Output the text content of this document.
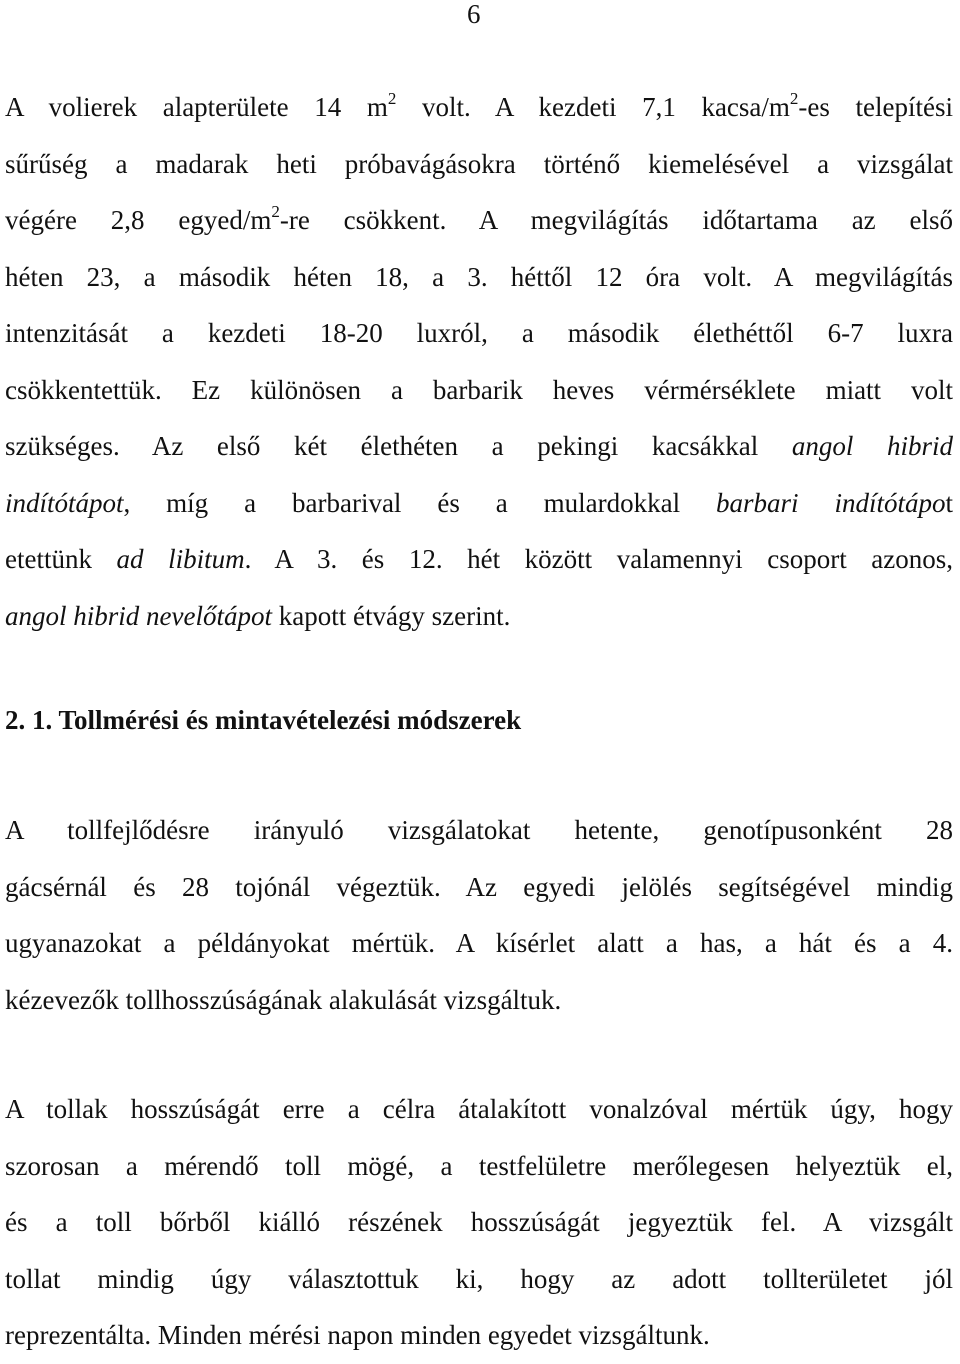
6
A volierek alapterülete 14 $m^2$ volt. A kezdeti 7,1 kacsa/$m^2-es$ telepítési
sűrűség a madarak heti próbavágásokra történő kiemelésével a vizsgálat
végére 2,8 egyed/$m^2-re$ csökkent. A megvilágítás időtartama az első
héten 23, a második héten 18, a 3. héttől 12 óra volt. A megvilágítás
intenzitását a kezdeti 18-20 luxról, a második élethéttől 6-7 luxra
csökkentettük. Ez különösen a barbarik heves vérmérséklete miatt volt
szükséges. Az első két élethéten a pekingi kacsákkal angol hibrid
indítótápot, míg a barbarival és a mulardokkal barbari indítótápot
etettünk ad libitum. A 3. és 12. hét között valamennyi csoport azonos,
angol hibrid nevelőtápot kapott étvágy szerint.
2. 1. Tollmérési és mintavételezési módszerek
A tollfejlődésre irányuló vizsgálatokat hetente, genotípusonként 28
gácsérnál és 28 tojónál végeztük. Az egyedi jelölés segítségével mindig
ugyanazokat a példányokat mértük. A kísérlet alatt a has, a hát és a 4.
kézevezők tollhosszúságának alakulását vizsgáltuk.
A tollak hosszúságát erre a célra átalakított vonalzóval mértük úgy, hogy
szorosan a mérendő toll mögé, a testfelületre merőlegesen helyeztük el,
és a toll bőrből kiálló részének hosszúságát jegyeztük fel. A vizsgált
tollat mindig úgy választottuk ki, hogy az adott tollterületet jól
reprezentálta. Minden mérési napon minden egyedet vizsgáltunk.
